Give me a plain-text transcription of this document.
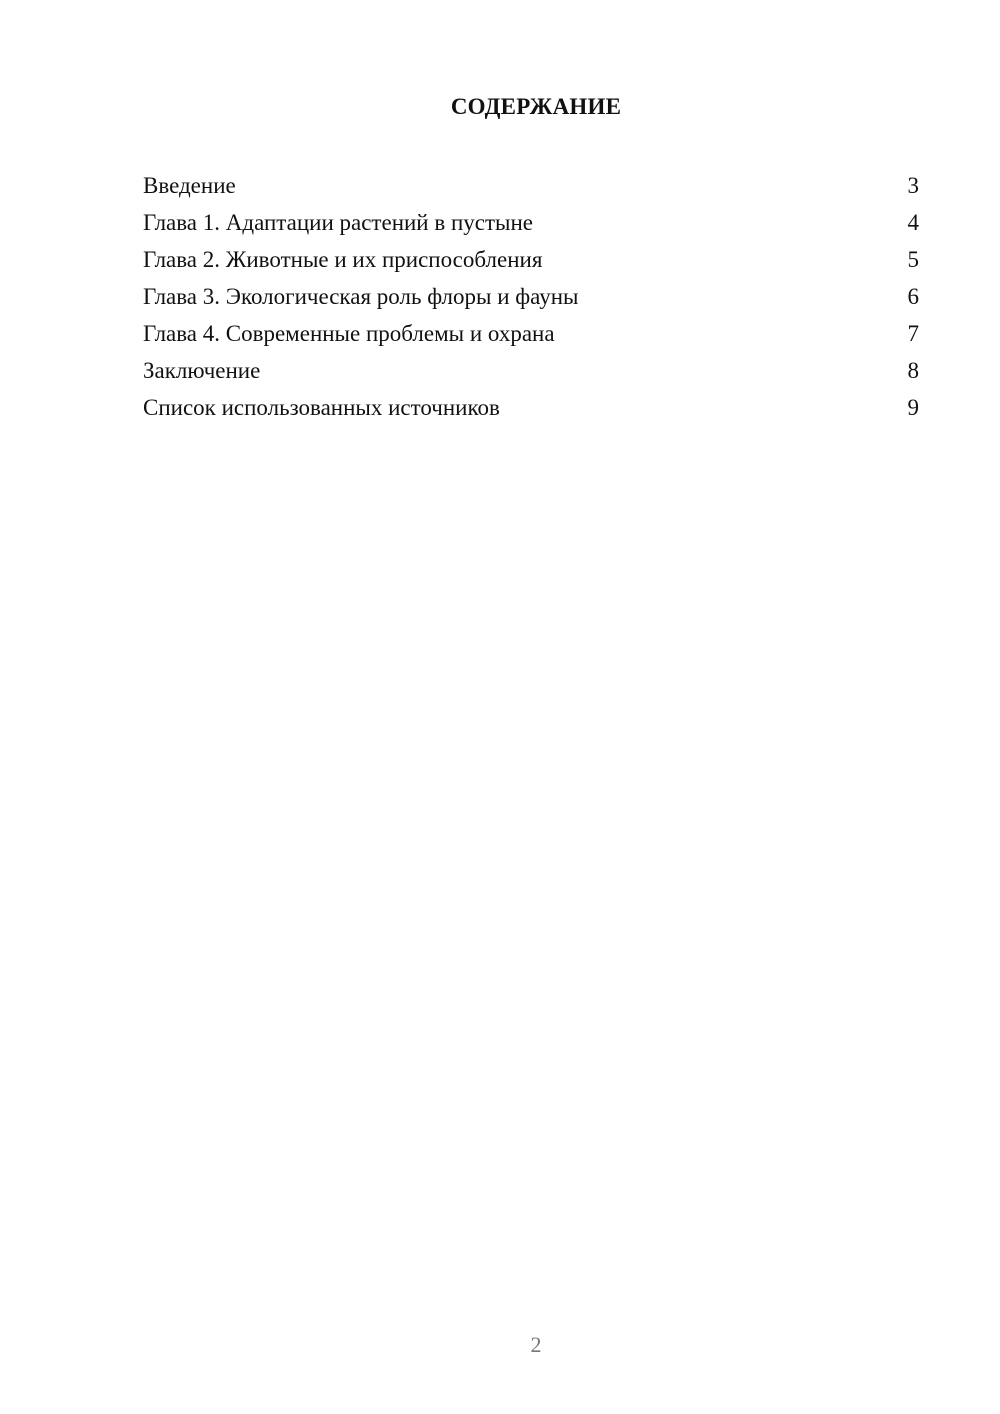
СОДЕРЖАНИЕ
Введение	3
Глава 1. Адаптации растений в пустыне	4
Глава 2. Животные и их приспособления	5
Глава 3. Экологическая роль флоры и фауны	6
Глава 4. Современные проблемы и охрана	7
Заключение	8
Список использованных источников	9
2
